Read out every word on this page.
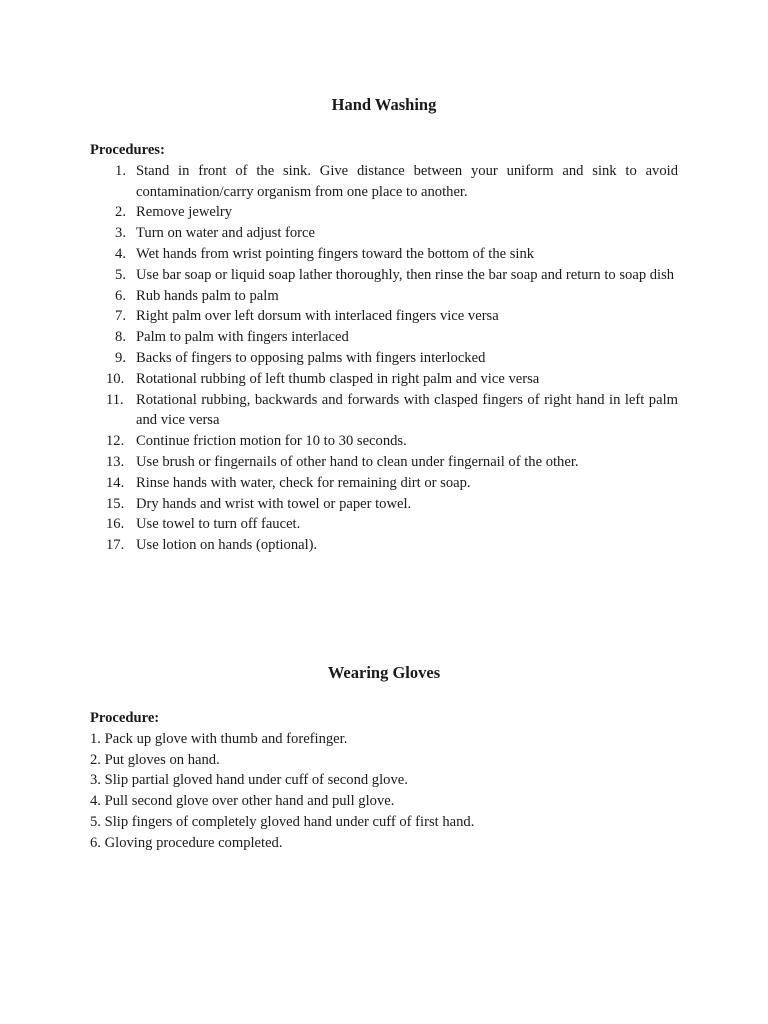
Hand Washing
Procedures:
1. Stand in front of the sink. Give distance between your uniform and sink to avoid contamination/carry organism from one place to another.
2. Remove jewelry
3. Turn on water and adjust force
4. Wet hands from wrist pointing fingers toward the bottom of the sink
5. Use bar soap or liquid soap lather thoroughly, then rinse the bar soap and return to soap dish
6. Rub hands palm to palm
7. Right palm over left dorsum with interlaced fingers vice versa
8. Palm to palm with fingers interlaced
9. Backs of fingers to opposing palms with fingers interlocked
10. Rotational rubbing of left thumb clasped in right palm and vice versa
11. Rotational rubbing, backwards and forwards with clasped fingers of right hand in left palm and vice versa
12. Continue friction motion for 10 to 30 seconds.
13. Use brush or fingernails of other hand to clean under fingernail of the other.
14. Rinse hands with water, check for remaining dirt or soap.
15. Dry hands and wrist with towel or paper towel.
16. Use towel to turn off faucet.
17. Use lotion on hands (optional).
Wearing Gloves
Procedure:
1. Pack up glove with thumb and forefinger.
2. Put gloves on hand.
3. Slip partial gloved hand under cuff of second glove.
4. Pull second glove over other hand and pull glove.
5. Slip fingers of completely gloved hand under cuff of first hand.
6. Gloving procedure completed.
